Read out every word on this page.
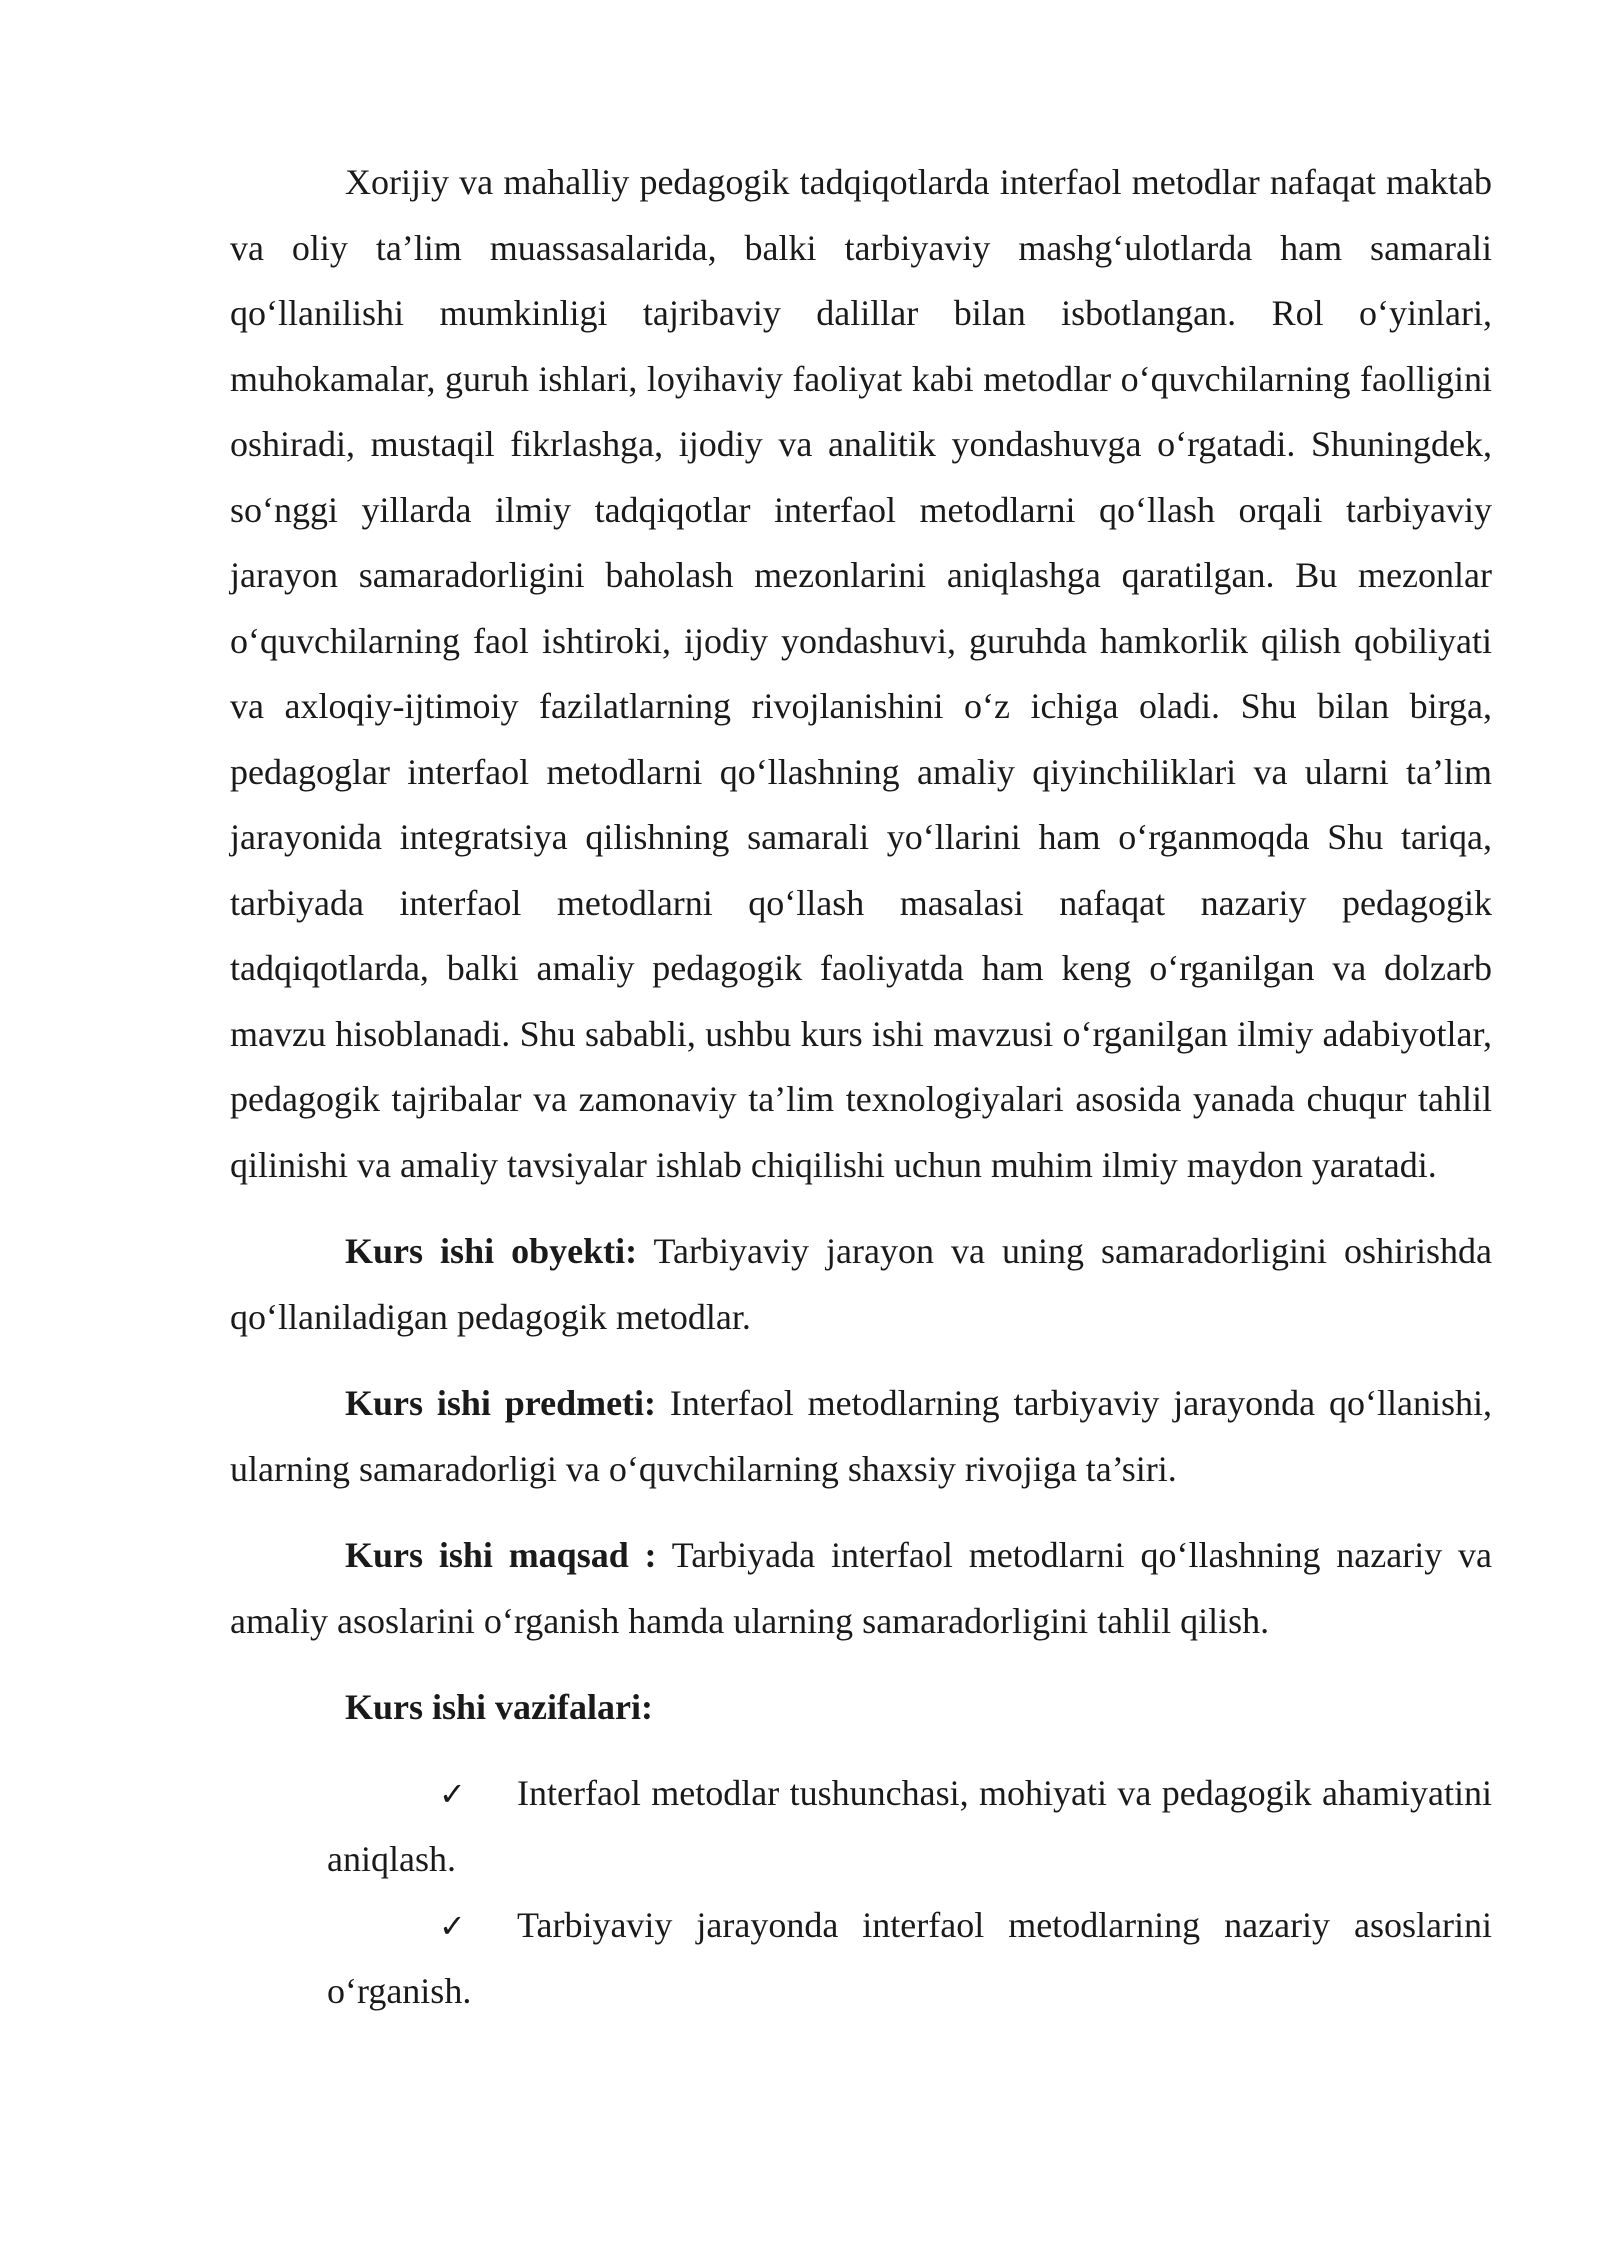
Xorijiy va mahalliy pedagogik tadqiqotlarda interfaol metodlar nafaqat maktab va oliy ta’lim muassasalarida, balki tarbiyaviy mashg‘ulotlarda ham samarali qo‘llanilishi mumkinligi tajribaviy dalillar bilan isbotlangan. Rol o‘yinlari, muhokamalar, guruh ishlari, loyihaviy faoliyat kabi metodlar o‘quvchilarning faolligini oshiradi, mustaqil fikrlashga, ijodiy va analitik yondashuvga o‘rgatadi. Shuningdek, so‘nggi yillarda ilmiy tadqiqotlar interfaol metodlarni qo‘llash orqali tarbiyaviy jarayon samaradorligini baholash mezonlarini aniqlashga qaratilgan. Bu mezonlar o‘quvchilarning faol ishtiroki, ijodiy yondashuvi, guruhda hamkorlik qilish qobiliyati va axloqiy-ijtimoiy fazilatlarning rivojlanishini o‘z ichiga oladi. Shu bilan birga, pedagoglar interfaol metodlarni qo‘llashning amaliy qiyinchiliklari va ularni ta’lim jarayonida integratsiya qilishning samarali yo‘llarini ham o‘rganmoqda Shu tariqa, tarbiyada interfaol metodlarni qo‘llash masalasi nafaqat nazariy pedagogik tadqiqotlarda, balki amaliy pedagogik faoliyatda ham keng o‘rganilgan va dolzarb mavzu hisoblanadi. Shu sababli, ushbu kurs ishi mavzusi o‘rganilgan ilmiy adabiyotlar, pedagogik tajribalar va zamonaviy ta’lim texnologiyalari asosida yanada chuqur tahlil qilinishi va amaliy tavsiyalar ishlab chiqilishi uchun muhim ilmiy maydon yaratadi.

Kurs ishi obyekti: Tarbiyaviy jarayon va uning samaradorligini oshirishda qo‘llaniladigan pedagogik metodlar.

Kurs ishi predmeti: Interfaol metodlarning tarbiyaviy jarayonda qo‘llanishi, ularning samaradorligi va o‘quvchilarning shaxsiy rivojiga ta’siri.

Kurs ishi maqsad : Tarbiyada interfaol metodlarni qo‘llashning nazariy va amaliy asoslarini o‘rganish hamda ularning samaradorligini tahlil qilish.

Kurs ishi vazifalari:

✓ Interfaol metodlar tushunchasi, mohiyati va pedagogik ahamiyatini aniqlash.

✓ Tarbiyaviy jarayonda interfaol metodlarning nazariy asoslarini o‘rganish.
